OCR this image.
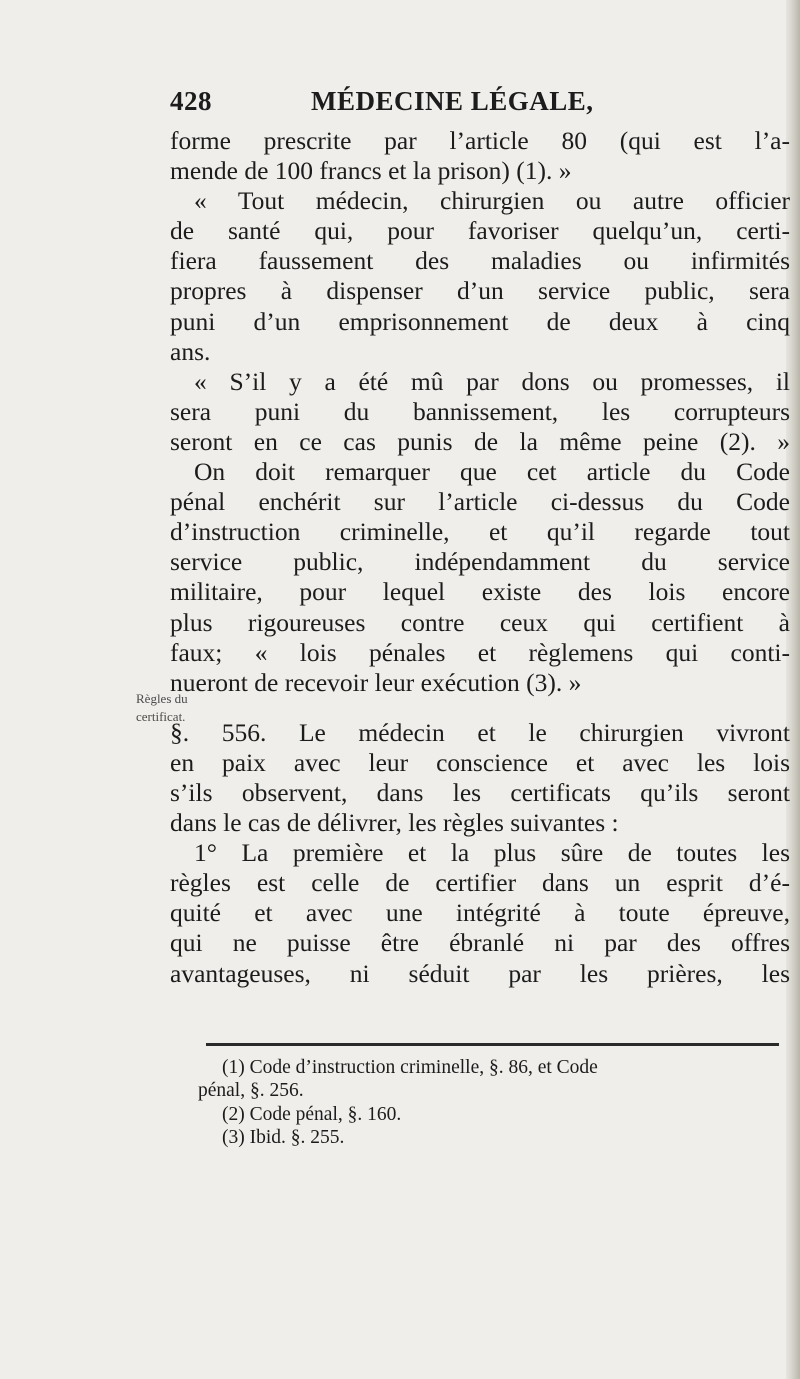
428	MÉDECINE LÉGALE,
Règles du
certificat.
forme prescrite par l’article 80 (qui est l’a-
mende de 100 francs et la prison) (1). »
« Tout médecin, chirurgien ou autre officier
de santé qui, pour favoriser quelqu’un, certi-
fiera faussement des maladies ou infirmités
propres à dispenser d’un service public, sera
puni d’un emprisonnement de deux à cinq
ans.
« S’il y a été mû par dons ou promesses, il
sera puni du bannissement, les corrupteurs
seront en ce cas punis de la même peine (2). »
On doit remarquer que cet article du Code
pénal enchérit sur l’article ci-dessus du Code
d’instruction criminelle, et qu’il regarde tout
service public, indépendamment du service
militaire, pour lequel existe des lois encore
plus rigoureuses contre ceux qui certifient à
faux; « lois pénales et règlemens qui conti-
nueront de recevoir leur exécution (3). »
§. 556. Le médecin et le chirurgien vivront
en paix avec leur conscience et avec les lois
s’ils observent, dans les certificats qu’ils seront
dans le cas de délivrer, les règles suivantes :
1° La première et la plus sûre de toutes les
règles est celle de certifier dans un esprit d’é-
quité et avec une intégrité à toute épreuve,
qui ne puisse être ébranlé ni par des offres
avantageuses, ni séduit par les prières, les
(1) Code d’instruction criminelle, §. 86, et Code
pénal, §. 256.
(2) Code pénal, §. 160.
(3) Ibid. §. 255.
